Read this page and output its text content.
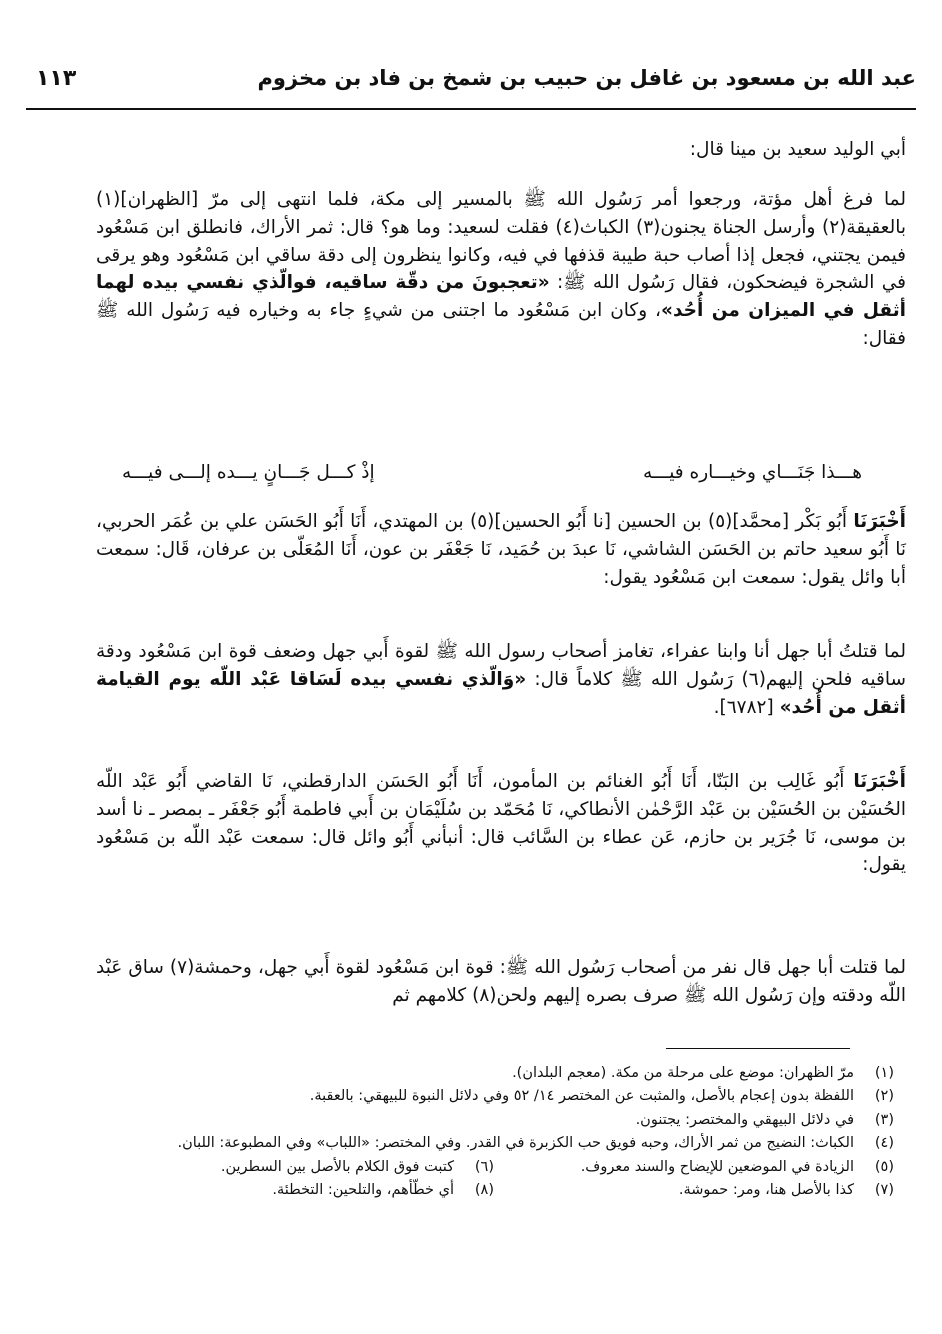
عبد الله بن مسعود بن غافل بن حبيب بن شمخ بن فاد بن مخزوم
١١٣

أبي الوليد سعيد بن مينا قال:

لما فرغ أهل مؤتة، ورجعوا أمر رَسُول الله ﷺ بالمسير إلى مكة، فلما انتهى إلى مرّ [الظهران](١) بالعقيقة(٢) وأرسل الجناة يجنون(٣) الكباث(٤) فقلت لسعيد: وما هو؟ قال: ثمر الأراك، فانطلق ابن مَسْعُود فيمن يجتني، فجعل إذا أصاب حبة طيبة قذفها في فيه، وكانوا ينظرون إلى دقة ساقي ابن مَسْعُود وهو يرقى في الشجرة فيضحكون، فقال رَسُول الله ﷺ: «تعجبونَ من دقّة ساقيه، فوالّذي نفسي بيده لهما أثقل في الميزان من أُحُد»، وكان ابن مَسْعُود ما اجتنى من شيءٍ جاء به وخياره فيه رَسُول الله ﷺ فقال:

هـــذا جَنَـــاي وخيـــاره فيـــه
إذْ كـــل جَـــانٍ يـــده إلـــى فيـــه

أَخْبَرَنَا أَبُو بَكْر [محمَّد](٥) بن الحسين [نا أَبُو الحسين](٥) بن المهتدي، أَنَا أَبُو الحَسَن علي بن عُمَر الحربي، نَا أَبُو سعيد حاتم بن الحَسَن الشاشي، نَا عبدَ بن حُمَيد، نَا جَعْفَر بن عون، أَنَا المُعَلّى بن عرفان، قَال: سمعت أبا وائل يقول: سمعت ابن مَسْعُود يقول:

لما قتلتُ أبا جهل أنا وابنا عفراء، تغامز أصحاب رسول الله ﷺ لقوة أَبي جهل وضعف قوة ابن مَسْعُود ودقة ساقيه فلحن إليهم(٦) رَسُول الله ﷺ كلاماً قال: «وَالّذي نفسي بيده لَسَاقا عَبْد اللّه يوم القيامة أثقل من أُحُد» [٦٧٨٢].

أَخْبَرَنَا أَبُو غَالِب بن البَنّا، أَنَا أَبُو الغنائم بن المأمون، أَنَا أَبُو الحَسَن الدارقطني، نَا القاضي أَبُو عَبْد اللّه الحُسَيْن بن الحُسَيْن بن عَبْد الرَّحْمٰن الأنطاكي، نَا مُحَمّد بن سُلَيْمَان بن أَبي فاطمة أَبُو جَعْفَر ـ بمصر ـ نا أسد بن موسى، نَا جُرَير بن حازم، عَن عطاء بن السَّائب قال: أنبأني أَبُو وائل قال: سمعت عَبْد اللّه بن مَسْعُود يقول:

لما قتلت أبا جهل قال نفر من أصحاب رَسُول الله ﷺ: قوة ابن مَسْعُود لقوة أَبي جهل، وحمشة(٧) ساق عَبْد اللّه ودقته وإن رَسُول الله ﷺ صرف بصره إليهم ولحن(٨) كلامهم ثم

(١)
مرّ الظهران: موضع على مرحلة من مكة. (معجم البلدان).
(٢)
اللفظة بدون إعجام بالأصل، والمثبت عن المختصر ١٤/ ٥٢ وفي دلائل النبوة للبيهقي: بالعقبة.
(٣)
في دلائل البيهقي والمختصر: يجتنون.
(٤)
الكباث: النضيج من ثمر الأراك، وحبه فويق حب الكزبرة في القدر. وفي المختصر: «اللباب» وفي المطبوعة: اللبان.
(٥)
الزيادة في الموضعين للإيضاح والسند معروف.
(٦)
كتبت فوق الكلام بالأصل بين السطرين.
(٧)
كذا بالأصل هنا، ومر: حموشة.
(٨)
أي خطّأهم، والتلحين: التخطئة.
